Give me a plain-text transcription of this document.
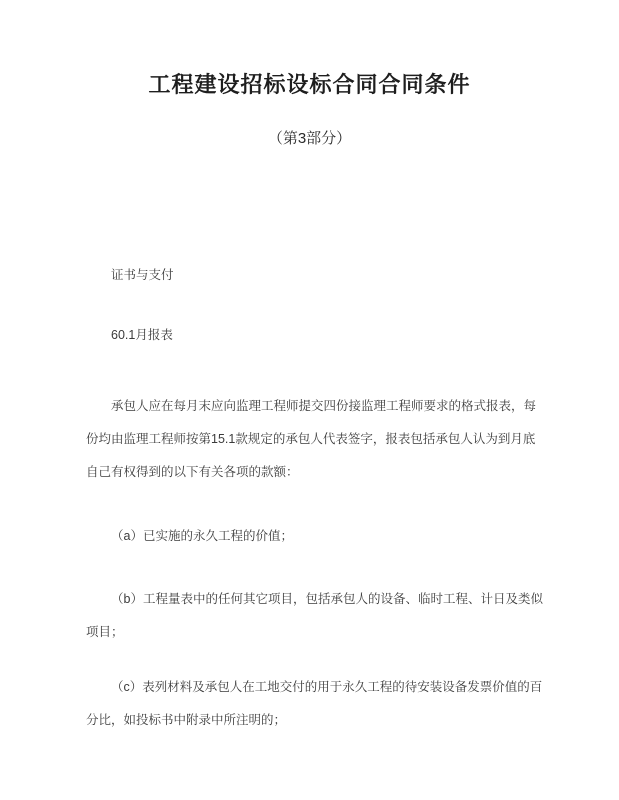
工程建设招标设标合同合同条件
（第3部分）
证书与支付
60.1月报表
承包人应在每月末应向监理工程师提交四份接监理工程师要求的格式报表，每
份均由监理工程师按第15.1款规定的承包人代表签字，报表包括承包人认为到月底
自己有权得到的以下有关各项的款额：
（a）已实施的永久工程的价值；
（b）工程量表中的任何其它项目，包括承包人的设备、临时工程、计日及类似
项目；
（c）表列材料及承包人在工地交付的用于永久工程的待安装设备发票价值的百
分比，如投标书中附录中所注明的；
